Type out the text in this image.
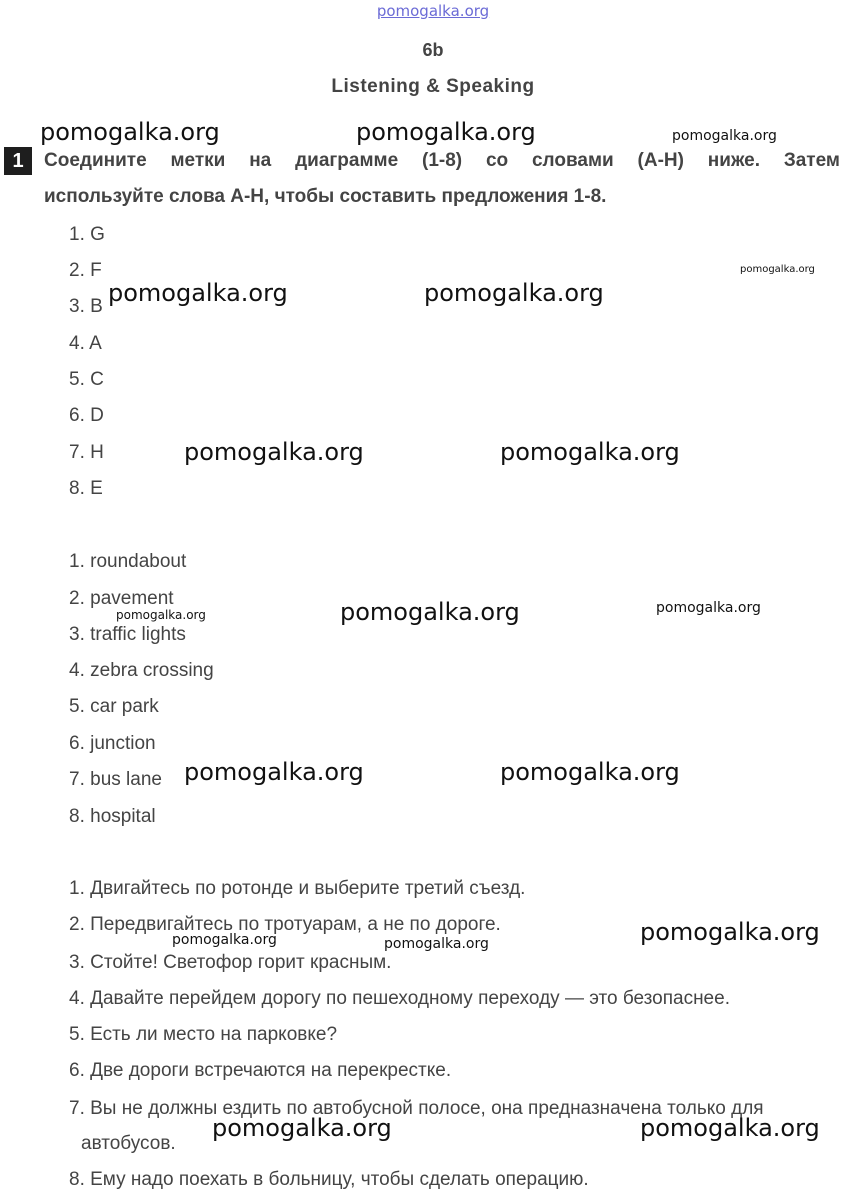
pomogalka.org
6b
Listening & Speaking
1	Соедините метки на диаграмме (1-8) со словами (А-Н) ниже. Затем
используйте слова А-Н, чтобы составить предложения 1-8.
1. G
2. F
3. B
4. A
5. C
6. D
7. H
8. E
1. roundabout
2. pavement
3. traffic lights
4. zebra crossing
5. car park
6. junction
7. bus lane
8. hospital
1. Двигайтесь по ротонде и выберите третий съезд.
2. Передвигайтесь по тротуарам, а не по дороге.
3. Стойте! Светофор горит красным.
4. Давайте перейдем дорогу по пешеходному переходу — это безопаснее.
5. Есть ли место на парковке?
6. Две дороги встречаются на перекрестке.
7. Вы не должны ездить по автобусной полосе, она предназначена только для
автобусов.
8. Ему надо поехать в больницу, чтобы сделать операцию.
pomogalka.org	pomogalka.org	pomogalka.org
pomogalka.org
pomogalka.org	pomogalka.org
pomogalka.org	pomogalka.org
pomogalka.org	pomogalka.org	pomogalka.org
pomogalka.org	pomogalka.org
pomogalka.org	pomogalka.org	pomogalka.org
pomogalka.org	pomogalka.org
